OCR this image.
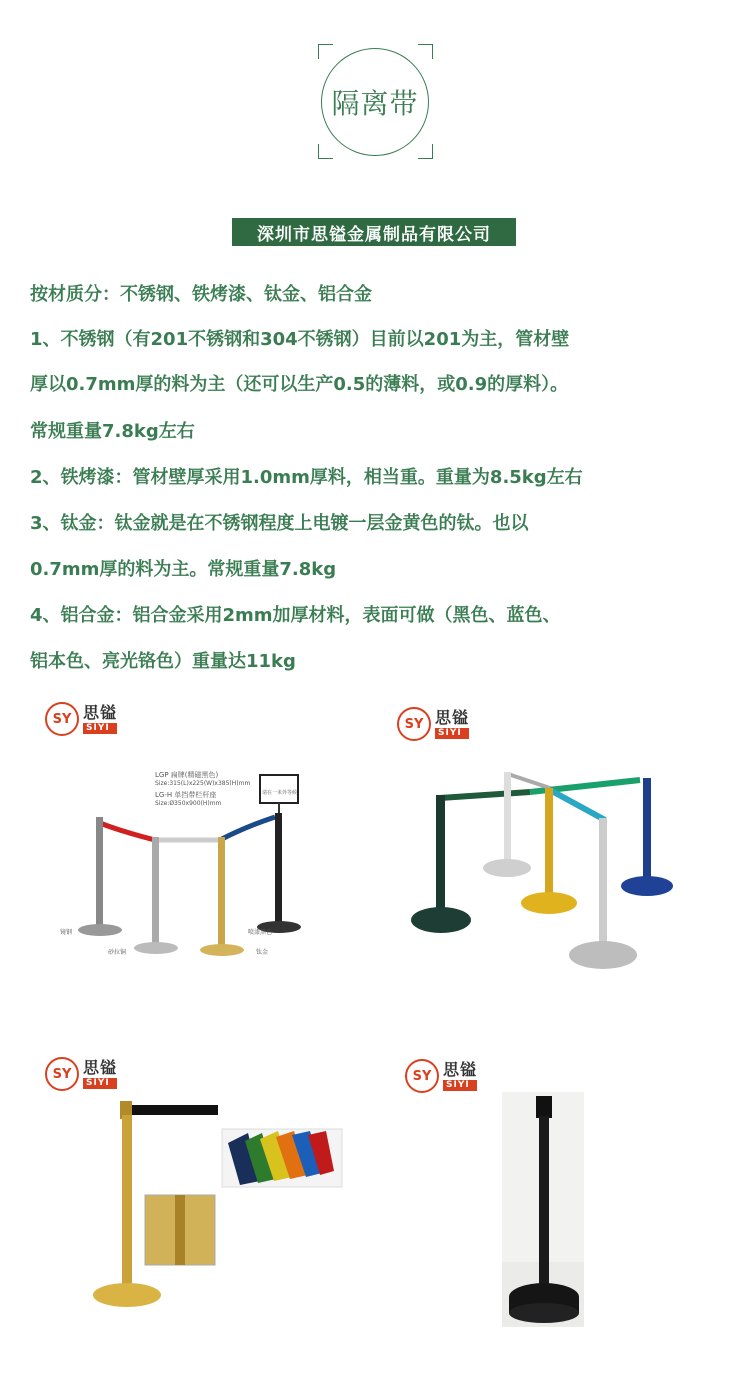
隔离带
深圳市思镒金属制品有限公司
按材质分：不锈钢、铁烤漆、钛金、铝合金
1、不锈钢（有201不锈钢和304不锈钢）目前以201为主，管材壁
厚以0.7mm厚的料为主（还可以生产0.5的薄料，或0.9的厚料）。
常规重量7.8kg左右
2、铁烤漆：管材壁厚采用1.0mm厚料，相当重。重量为8.5kg左右
3、钛金：钛金就是在不锈钢程度上电镀一层金黄色的钛。也以
0.7mm厚的料为主。常规重量7.8kg
4、铝合金：铝合金采用2mm加厚材料，表面可做（黑色、蓝色、
铝本色、亮光铬色）重量达11kg
SY 思镒
SIYI	SY 思镒
SIYI
SY 思镒
SIYI	SY 思镒
SIYI
LGP 扁牌(精磁黑色)
Size:315(L)x225(W)x385(H)mm
LG-H 单挡带栏杆座
Size:Ø350x900(H)mm
镜钢
砂拉铜	钛金
喷漆黑色
请在一米外等候
